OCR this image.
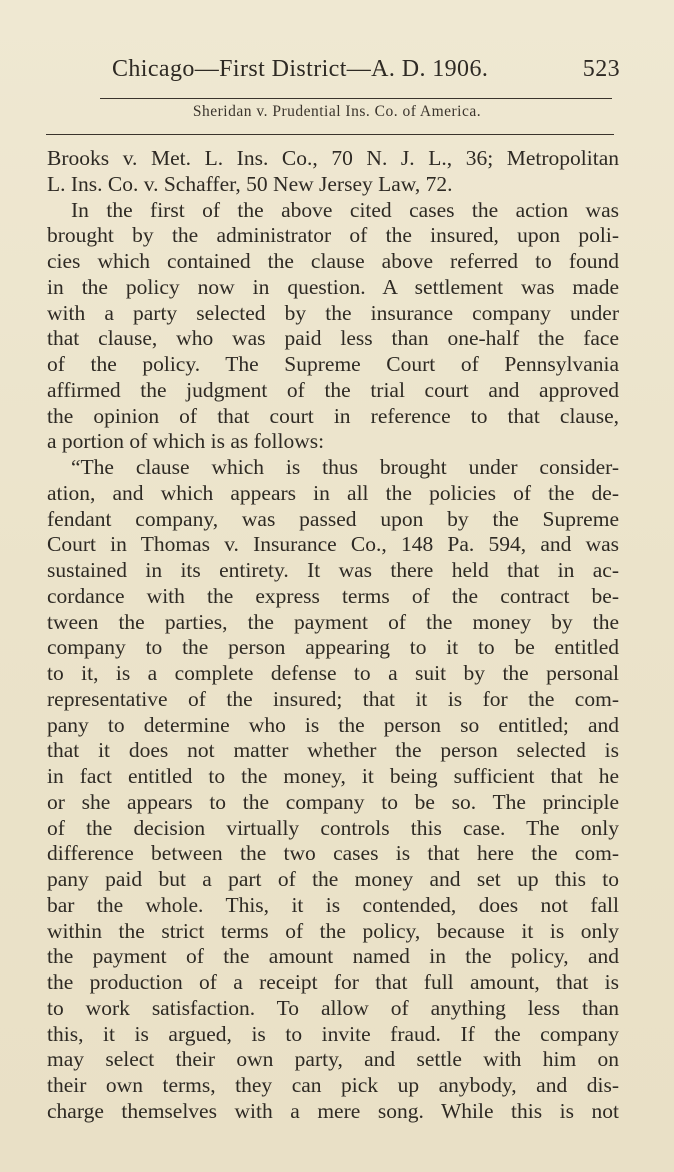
Chicago—First District—A. D. 1906.	523
Sheridan v. Prudential Ins. Co. of America.
Brooks v. Met. L. Ins. Co., 70 N. J. L., 36; Metropolitan
L. Ins. Co. v. Schaffer, 50 New Jersey Law, 72.
In the first of the above cited cases the action was
brought by the administrator of the insured, upon poli-
cies which contained the clause above referred to found
in the policy now in question. A settlement was made
with a party selected by the insurance company under
that clause, who was paid less than one-half the face
of the policy. The Supreme Court of Pennsylvania
affirmed the judgment of the trial court and approved
the opinion of that court in reference to that clause,
a portion of which is as follows:
“The clause which is thus brought under consider-
ation, and which appears in all the policies of the de-
fendant company, was passed upon by the Supreme
Court in Thomas v. Insurance Co., 148 Pa. 594, and was
sustained in its entirety. It was there held that in ac-
cordance with the express terms of the contract be-
tween the parties, the payment of the money by the
company to the person appearing to it to be entitled
to it, is a complete defense to a suit by the personal
representative of the insured; that it is for the com-
pany to determine who is the person so entitled; and
that it does not matter whether the person selected is
in fact entitled to the money, it being sufficient that he
or she appears to the company to be so. The principle
of the decision virtually controls this case. The only
difference between the two cases is that here the com-
pany paid but a part of the money and set up this to
bar the whole. This, it is contended, does not fall
within the strict terms of the policy, because it is only
the payment of the amount named in the policy, and
the production of a receipt for that full amount, that is
to work satisfaction. To allow of anything less than
this, it is argued, is to invite fraud. If the company
may select their own party, and settle with him on
their own terms, they can pick up anybody, and dis-
charge themselves with a mere song. While this is not
